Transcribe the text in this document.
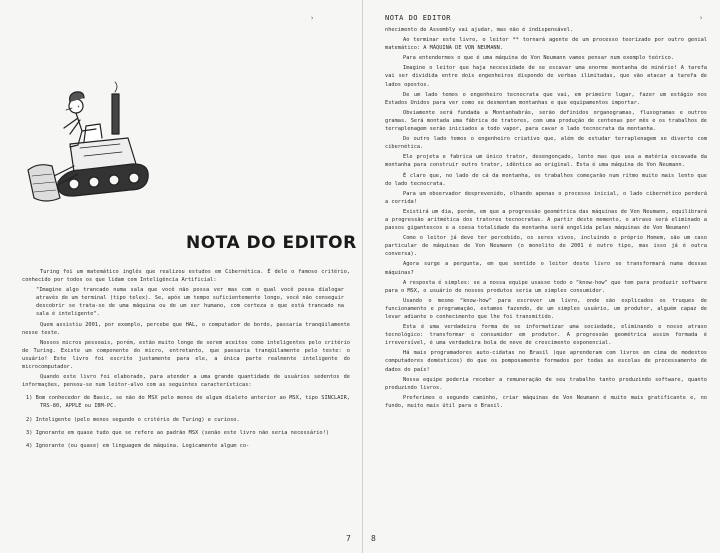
›
NOTA DO EDITOR

Turing foi um matemático inglês que realizou estudos em Cibernética. É dele o famoso critério, conhecido por todos os que lidam com Inteligência Artificial:

"Imagine algo trancado numa sala que você não possa ver mas com o qual você possa dialogar através de um terminal (tipo telex). Se, após um tempo suficientemente longo, você não conseguir descobrir se trata-se de uma máquina ou de um ser humano, com certeza o que está trancado na sala é inteligente".

Quem assistiu 2001, por exemplo, percebe que HAL, o computador de bordo, passaria tranqüilamente nesse teste.

Nossos micros pessoais, porém, estão muito longe de serem aceitos como inteligentes pelo critério de Turing. Existe um componente do micro, entretanto, que passaria tranqüilamente pelo teste: o usuário! Este livro foi escrito justamente para ele, a única parte realmente inteligente do microcomputador.

Quando este livro foi elaborado, para atender a uma grande quantidade de usuários sedentos de informações, pensou-se num leitor-alvo com as seguintes características:

1) Bom conhecedor de Basic, se não do MSX pelo menos de algum dialeto anterior ao MSX, tipo SINCLAIR, TRS-80, APPLE ou IBM-PC.

2) Inteligente (pelo menos segundo o critério de Turing) e curioso.

3) Ignorante em quase tudo que se refere ao padrão MSX (senão este livro não seria necessário!)

4) Ignorante (ou quase) em linguagem de máquina. Logicamente algum co-

7
NOTA DO EDITOR	›

nhecimento de Assembly vai ajudar, mas não é indispensável.

Ao terminar este livro, o leitor ** tornará agente de um processo teorizado por outro genial matemático: A MÁQUINA DE VON NEUMANN.

Para entendermos o que é uma máquina de Von Neumann vamos pensar num exemplo teórico.

Imagine o leitor que haja necessidade de se escavar uma enorme montanha de minério! A tarefa vai ser dividida entre dois engenheiros dispondo de verbas ilimitadas, que vão atacar a tarefa de lados opostos.

De um lado temos o engenheiro tecnocrata que vai, em primeiro lugar, fazer um estágio nos Estados Unidos para ver como se desmontam montanhas e que equipamentos importar.

Obviamente será fundada a Montanhabrás, serão definidos organogramas, fluxogramas e outros gramas. Será montada uma fábrica de tratores, com uma produção de centenas por mês e os trabalhos de terraplenagem serão iniciados a todo vapor, para cavar o lado tecnocrata da montanha.

Do outro lado temos o engenheiro criativo que, além de estudar terraplenagem se diverte com cibernética.

Ele projeta e fabrica um único trator, desengonçado, lento mas que usa a matéria escavada da montanha para construir outro trator, idêntico ao original. Esta é uma máquina de Von Neumann.

É claro que, no lado de cá da montanha, os trabalhos começarão num ritmo muito mais lento que do lado tecnocrata.

Para um observador desprevenido, olhando apenas o processo inicial, o lado cibernético perderá a corrida!

Existirá um dia, porém, em que a progressão geométrica das máquinas de Von Neumann, equilibrará a progressão aritmética dos tratores tecnocratas. A partir deste momento, o atraso será eliminado a passos gigantescos e a coesa totalidade da montanha será engolida pelas máquinas de Von Neumann!

Como o leitor já deve ter percebido, os seres vivos, incluindo o próprio Homem, são um caso particular de máquinas de Von Neumann (o monolito de 2001 é outro tipo, mas isso já é outra conversa).

Agora surge a pergunta, em que sentido o leitor deste livro se transformará numa dessas máquinas?

A resposta é simples: se a nossa equipe usasse todo o "know-how" que tem para produzir software para o MSX, o usuário de nossos produtos seria um simples consumidor.

Usando o mesmo "know-how" para escrever um livro, onde são explicados os truques de funcionamento e programação, estamos fazendo, de um simples usuário, um produtor, alguém capaz de levar adiante o conhecimento que lhe foi transmitido.

Esta é uma verdadeira forma de se informatizar uma sociedade, eliminando o nosso atraso tecnológico: transformar o consumidor em produtor. A progressão geométrica assim formada é irreversível, é uma verdadeira bola de neve de crescimento exponencial.

Há mais programadores auto-cidatas no Brasil (que aprenderam com livros em cima de modestos computadores domésticos) do que os pomposamente formados por todas as escolas de processamento de dados do país!

Nossa equipe poderia receber a remuneração de seu trabalho tanto produzindo software, quanto produzindo livros.

Preferimos o segundo caminho, criar máquinas de Von Neumann é muito mais gratificante e, no fundo, muito mais útil para o Brasil.

8
